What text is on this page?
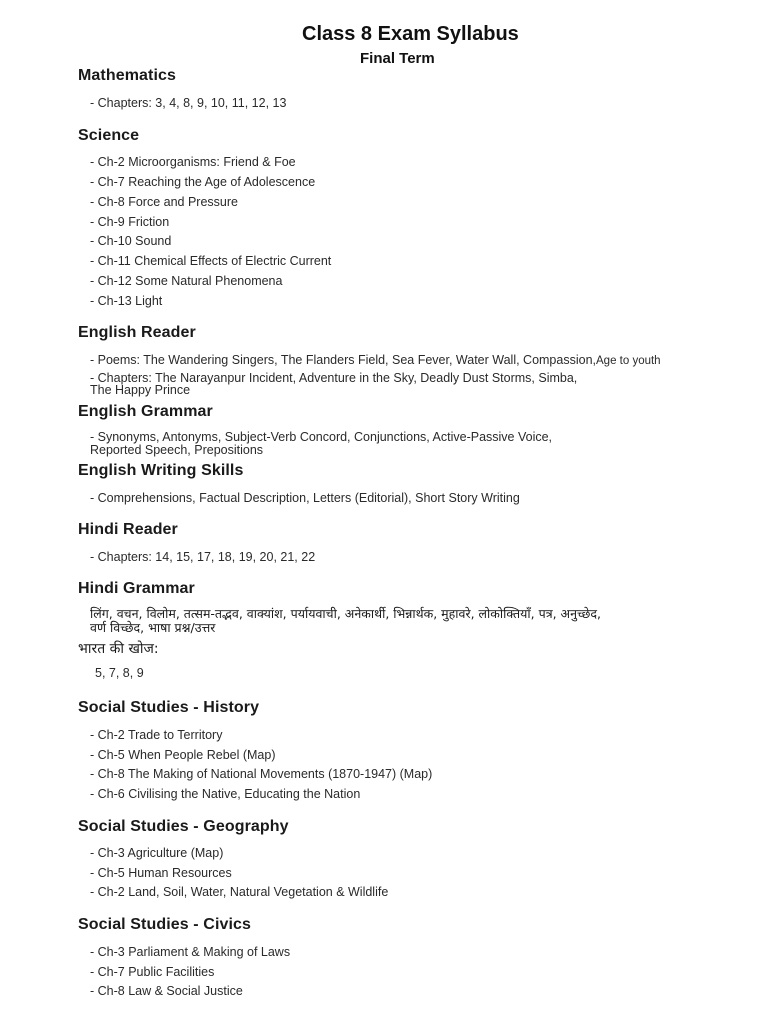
Class 8 Exam Syllabus
Final Term
Mathematics
- Chapters: 3, 4, 8, 9, 10, 11, 12, 13
Science
- Ch-2 Microorganisms: Friend & Foe
- Ch-7 Reaching the Age of Adolescence
- Ch-8 Force and Pressure
- Ch-9 Friction
- Ch-10 Sound
- Ch-11 Chemical Effects of Electric Current
- Ch-12 Some Natural Phenomena
- Ch-13 Light
English Reader
- Poems: The Wandering Singers, The Flanders Field, Sea Fever, Water Wall, Compassion,Age to youth
- Chapters: The Narayanpur Incident, Adventure in the Sky, Deadly Dust Storms, Simba,
The Happy Prince
English Grammar
- Synonyms, Antonyms, Subject-Verb Concord, Conjunctions, Active-Passive Voice,
Reported Speech, Prepositions
English Writing Skills
- Comprehensions, Factual Description, Letters (Editorial), Short Story Writing
Hindi Reader
- Chapters: 14, 15, 17, 18, 19, 20, 21, 22
Hindi Grammar
लिंग, वचन, विलोम, तत्सम-तद्भव, वाक्यांश, पर्यायवाची, अनेकार्थी, भिन्नार्थक, मुहावरे, लोकोक्तियाँ, पत्र, अनुच्छेद,
वर्ण विच्छेद, भाषा प्रश्न/उत्तर
भारत की खोज:
5, 7, 8, 9
Social Studies - History
- Ch-2 Trade to Territory
- Ch-5 When People Rebel (Map)
- Ch-8 The Making of National Movements (1870-1947) (Map)
- Ch-6 Civilising the Native, Educating the Nation
Social Studies - Geography
- Ch-3 Agriculture (Map)
- Ch-5 Human Resources
- Ch-2 Land, Soil, Water, Natural Vegetation & Wildlife
Social Studies - Civics
- Ch-3 Parliament & Making of Laws
- Ch-7 Public Facilities
- Ch-8 Law & Social Justice
